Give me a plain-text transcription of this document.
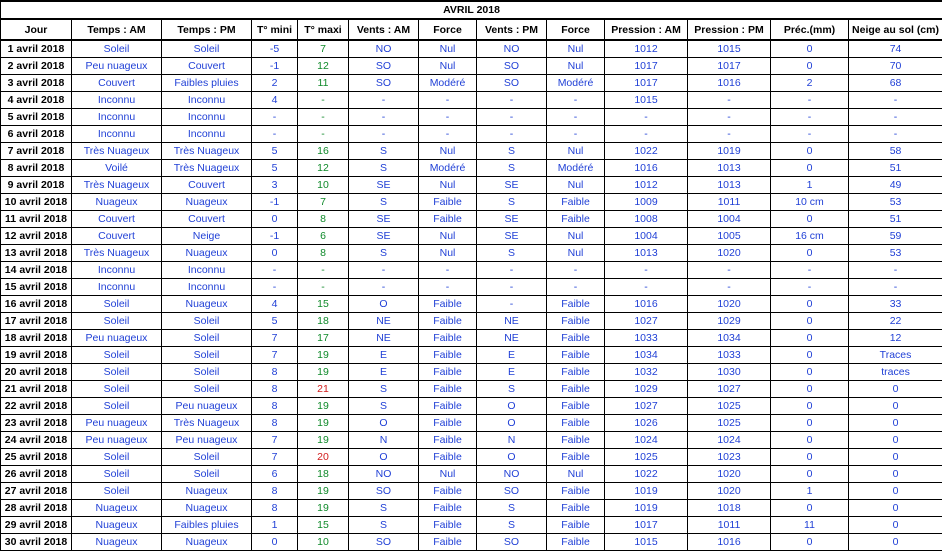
AVRIL 2018												
Jour	Temps : AM	Temps : PM	T° mini	T° maxi	Vents : AM	Force	Vents : PM	Force	Pression : AM	Pression : PM	Préc.(mm)	Neige au sol (cm)
1 avril 2018	Soleil	Soleil	-5	7	NO	Nul	NO	Nul	1012	1015	0	74
2 avril 2018	Peu nuageux	Couvert	-1	12	SO	Nul	SO	Nul	1017	1017	0	70
3 avril 2018	Couvert	Faibles pluies	2	11	SO	Modéré	SO	Modéré	1017	1016	2	68
4 avril 2018	Inconnu	Inconnu	4	-	-	-	-	-	1015	-	-	-
5 avril 2018	Inconnu	Inconnu	-	-	-	-	-	-	-	-	-	-
6 avril 2018	Inconnu	Inconnu	-	-	-	-	-	-	-	-	-	-
7 avril 2018	Très Nuageux	Très Nuageux	5	16	S	Nul	S	Nul	1022	1019	0	58
8 avril 2018	Voilé	Très Nuageux	5	12	S	Modéré	S	Modéré	1016	1013	0	51
9 avril 2018	Très Nuageux	Couvert	3	10	SE	Nul	SE	Nul	1012	1013	1	49
10 avril 2018	Nuageux	Nuageux	-1	7	S	Faible	S	Faible	1009	1011	10 cm	53
11 avril 2018	Couvert	Couvert	0	8	SE	Faible	SE	Faible	1008	1004	0	51
12 avril 2018	Couvert	Neige	-1	6	SE	Nul	SE	Nul	1004	1005	16 cm	59
13 avril 2018	Très Nuageux	Nuageux	0	8	S	Nul	S	Nul	1013	1020	0	53
14 avril 2018	Inconnu	Inconnu	-	-	-	-	-	-	-	-	-	-
15 avril 2018	Inconnu	Inconnu	-	-	-	-	-	-	-	-	-	-
16 avril 2018	Soleil	Nuageux	4	15	O	Faible	-	Faible	1016	1020	0	33
17 avril 2018	Soleil	Soleil	5	18	NE	Faible	NE	Faible	1027	1029	0	22
18 avril 2018	Peu nuageux	Soleil	7	17	NE	Faible	NE	Faible	1033	1034	0	12
19 avril 2018	Soleil	Soleil	7	19	E	Faible	E	Faible	1034	1033	0	Traces
20 avril 2018	Soleil	Soleil	8	19	E	Faible	E	Faible	1032	1030	0	traces
21 avril 2018	Soleil	Soleil	8	21	S	Faible	S	Faible	1029	1027	0	0
22 avril 2018	Soleil	Peu nuageux	8	19	S	Faible	O	Faible	1027	1025	0	0
23 avril 2018	Peu nuageux	Très Nuageux	8	19	O	Faible	O	Faible	1026	1025	0	0
24 avril 2018	Peu nuageux	Peu nuageux	7	19	N	Faible	N	Faible	1024	1024	0	0
25 avril 2018	Soleil	Soleil	7	20	O	Faible	O	Faible	1025	1023	0	0
26 avril 2018	Soleil	Soleil	6	18	NO	Nul	NO	Nul	1022	1020	0	0
27 avril 2018	Soleil	Nuageux	8	19	SO	Faible	SO	Faible	1019	1020	1	0
28 avril 2018	Nuageux	Nuageux	8	19	S	Faible	S	Faible	1019	1018	0	0
29 avril 2018	Nuageux	Faibles pluies	1	15	S	Faible	S	Faible	1017	1011	11	0
30 avril 2018	Nuageux	Nuageux	0	10	SO	Faible	SO	Faible	1015	1016	0	0
